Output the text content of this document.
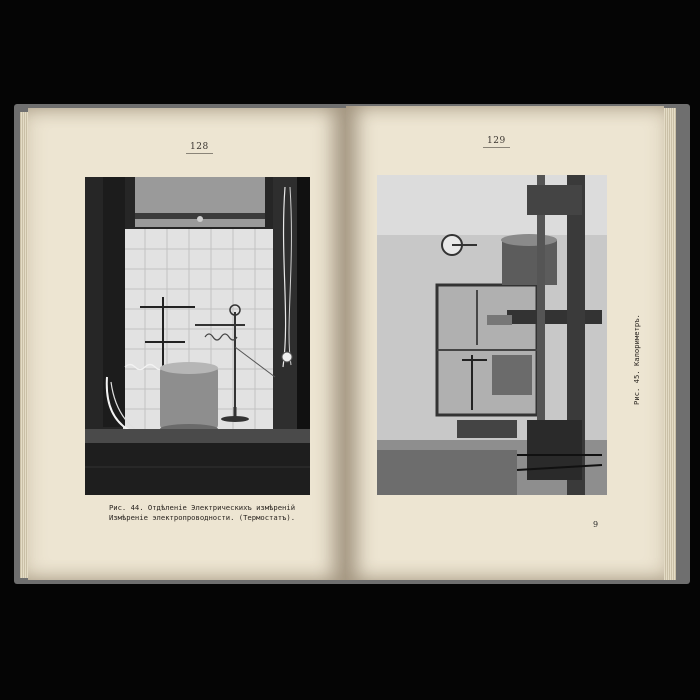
128
129
Рис. 44. Отдѣленіе Электрическихъ измѣреній
Измѣреніе электропроводности. (Термостатъ).
Рис. 45. Калориметръ.
9
